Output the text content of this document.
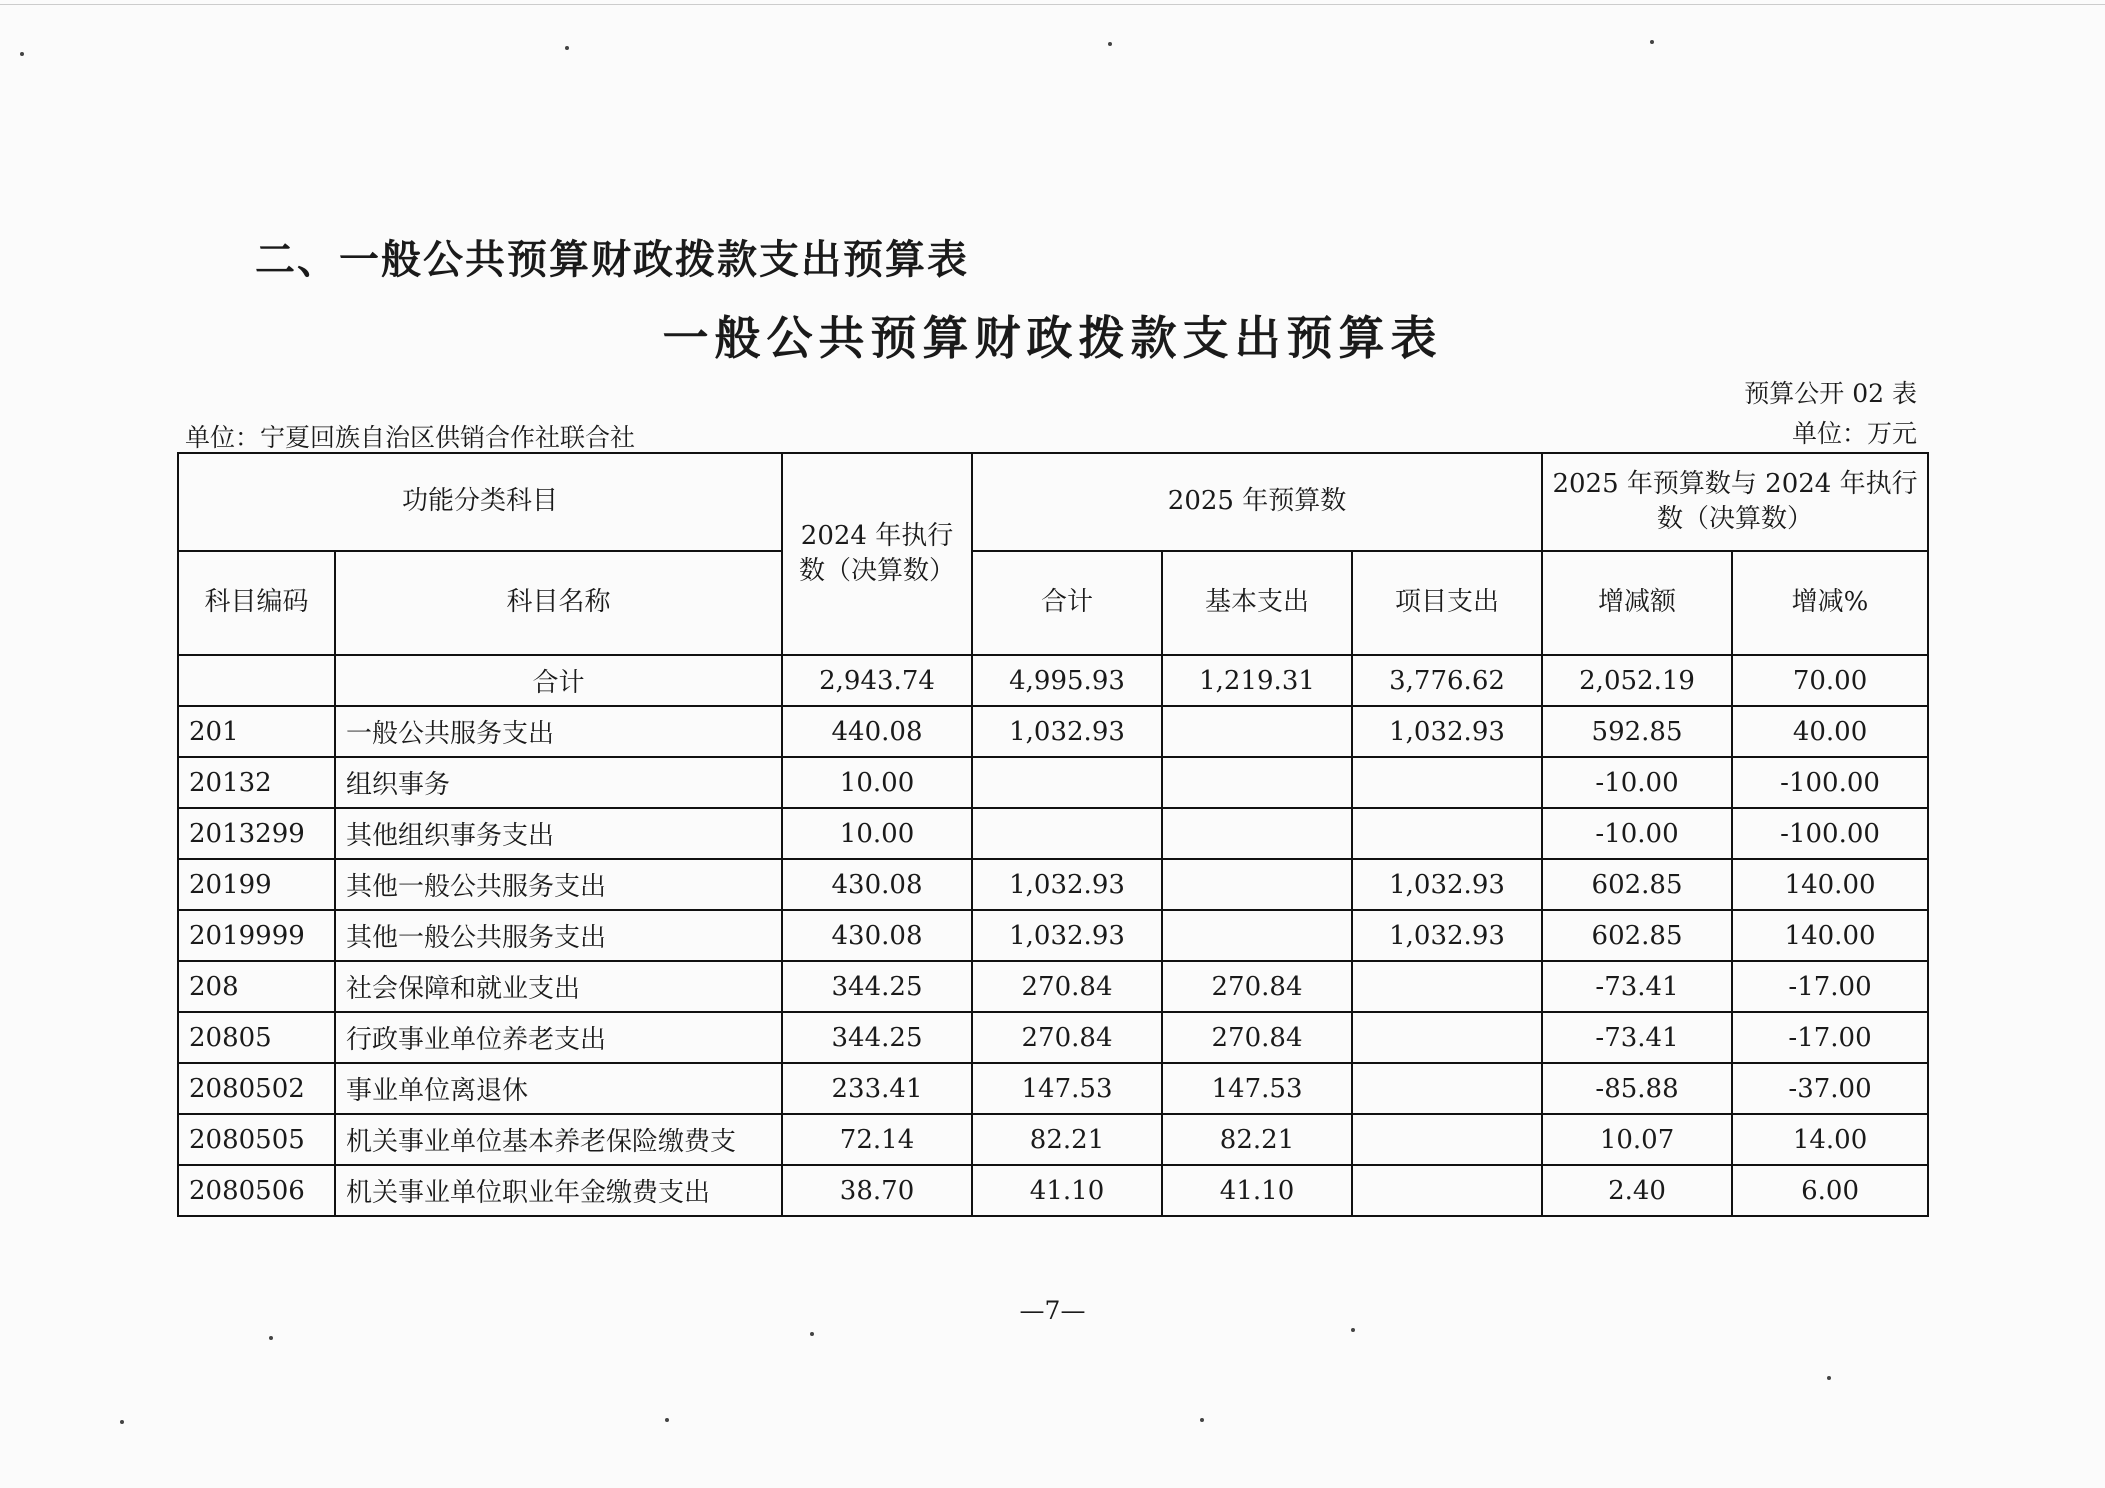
二、一般公共预算财政拨款支出预算表
一般公共预算财政拨款支出预算表
预算公开 02 表
单位：宁夏回族自治区供销合作社联合社	单位：万元
功能分类科目		2024 年执行数（决算数）	2025 年预算数			2025 年预算数与 2024 年执行数（决算数）	
科目编码	科目名称		合计	基本支出	项目支出	增减额	增减%
	合计	2,943.74	4,995.93	1,219.31	3,776.62	2,052.19	70.00
201	一般公共服务支出	440.08	1,032.93		1,032.93	592.85	40.00
20132	组织事务	10.00				-10.00	-100.00
2013299	其他组织事务支出	10.00				-10.00	-100.00
20199	其他一般公共服务支出	430.08	1,032.93		1,032.93	602.85	140.00
2019999	其他一般公共服务支出	430.08	1,032.93		1,032.93	602.85	140.00
208	社会保障和就业支出	344.25	270.84	270.84		-73.41	-17.00
20805	行政事业单位养老支出	344.25	270.84	270.84		-73.41	-17.00
2080502	事业单位离退休	233.41	147.53	147.53		-85.88	-37.00
2080505	机关事业单位基本养老保险缴费支	72.14	82.21	82.21		10.07	14.00
2080506	机关事业单位职业年金缴费支出	38.70	41.10	41.10		2.40	6.00
—7—
